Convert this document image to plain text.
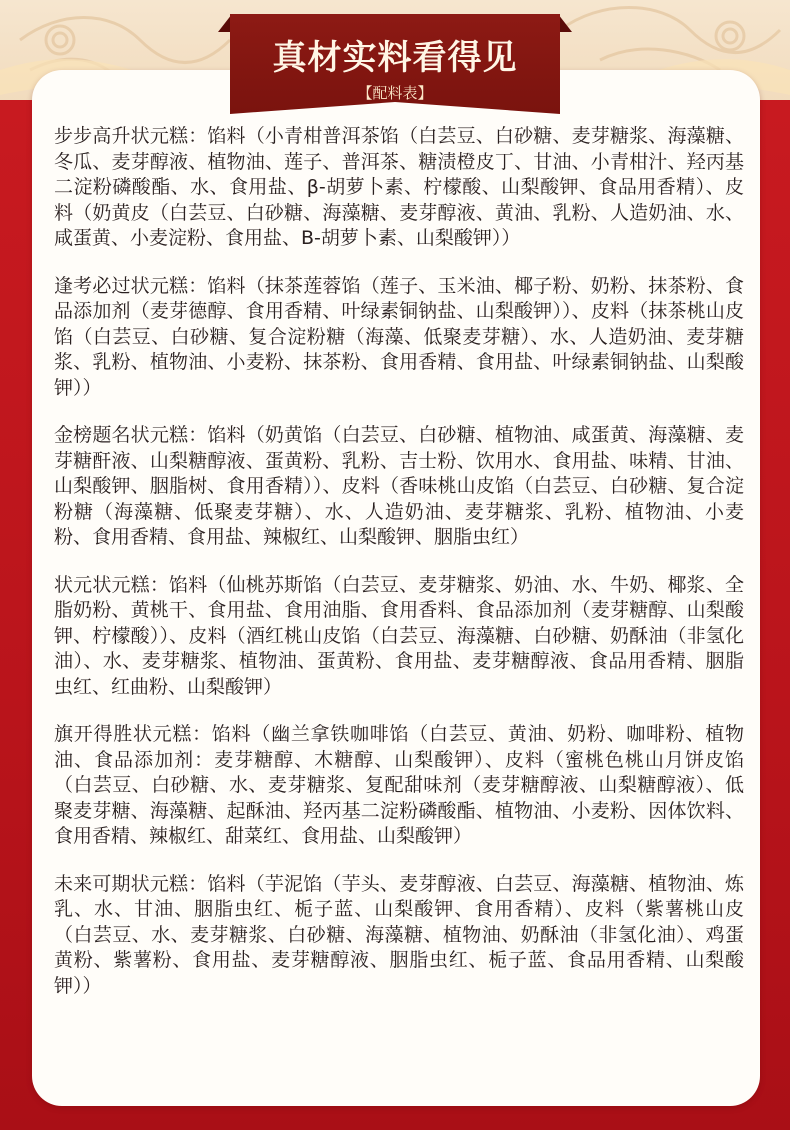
真材实料看得见
【配料表】

步步高升状元糕：馅料（小青柑普洱茶馅（白芸豆、白砂糖、麦芽糖浆、海藻糖、冬瓜、麦芽醇液、植物油、莲子、普洱茶、糖渍橙皮丁、甘油、小青柑汁、羟丙基二淀粉磷酸酯、水、食用盐、β-胡萝卜素、柠檬酸、山梨酸钾、食品用香精）、皮料（奶黄皮（白芸豆、白砂糖、海藻糖、麦芽醇液、黄油、乳粉、人造奶油、水、咸蛋黄、小麦淀粉、食用盐、B-胡萝卜素、山梨酸钾））

逢考必过状元糕：馅料（抹茶莲蓉馅（莲子、玉米油、椰子粉、奶粉、抹茶粉、食品添加剂（麦芽德醇、食用香精、叶绿素铜钠盐、山梨酸钾））、皮料（抹茶桃山皮馅（白芸豆、白砂糖、复合淀粉糖（海藻、低聚麦芽糖）、水、人造奶油、麦芽糖浆、乳粉、植物油、小麦粉、抹茶粉、食用香精、食用盐、叶绿素铜钠盐、山梨酸钾））

金榜题名状元糕：馅料（奶黄馅（白芸豆、白砂糖、植物油、咸蛋黄、海藻糖、麦芽糖酐液、山梨糖醇液、蛋黄粉、乳粉、吉士粉、饮用水、食用盐、味精、甘油、山梨酸钾、胭脂树、食用香精））、皮料（香味桃山皮馅（白芸豆、白砂糖、复合淀粉糖（海藻糖、低聚麦芽糖）、水、人造奶油、麦芽糖浆、乳粉、植物油、小麦粉、食用香精、食用盐、辣椒红、山梨酸钾、胭脂虫红）

状元状元糕：馅料（仙桃苏斯馅（白芸豆、麦芽糖浆、奶油、水、牛奶、椰浆、全脂奶粉、黄桃干、食用盐、食用油脂、食用香料、食品添加剂（麦芽糖醇、山梨酸钾、柠檬酸））、皮料（酒红桃山皮馅（白芸豆、海藻糖、白砂糖、奶酥油（非氢化油）、水、麦芽糖浆、植物油、蛋黄粉、食用盐、麦芽糖醇液、食品用香精、胭脂虫红、红曲粉、山梨酸钾）

旗开得胜状元糕：馅料（幽兰拿铁咖啡馅（白芸豆、黄油、奶粉、咖啡粉、植物油、食品添加剂：麦芽糖醇、木糖醇、山梨酸钾）、皮料（蜜桃色桃山月饼皮馅（白芸豆、白砂糖、水、麦芽糖浆、复配甜味剂（麦芽糖醇液、山梨糖醇液）、低聚麦芽糖、海藻糖、起酥油、羟丙基二淀粉磷酸酯、植物油、小麦粉、因体饮料、食用香精、辣椒红、甜菜红、食用盐、山梨酸钾）

未来可期状元糕：馅料（芋泥馅（芋头、麦芽醇液、白芸豆、海藻糖、植物油、炼乳、水、甘油、胭脂虫红、栀子蓝、山梨酸钾、食用香精）、皮料（紫薯桃山皮（白芸豆、水、麦芽糖浆、白砂糖、海藻糖、植物油、奶酥油（非氢化油）、鸡蛋黄粉、紫薯粉、食用盐、麦芽糖醇液、胭脂虫红、栀子蓝、食品用香精、山梨酸钾））
